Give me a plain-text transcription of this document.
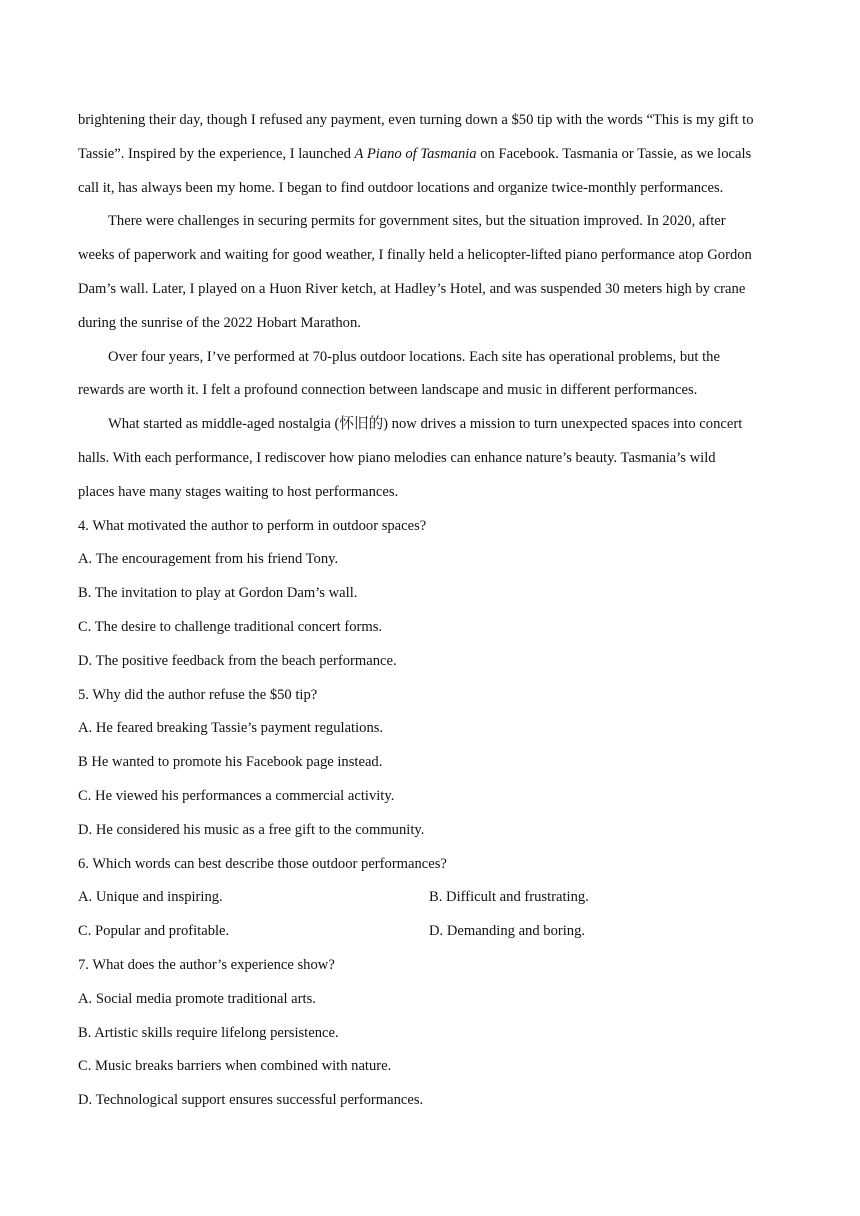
brightening their day, though I refused any payment, even turning down a $50 tip with the words “This is my gift to
Tassie”. Inspired by the experience, I launched A Piano of Tasmania on Facebook. Tasmania or Tassie, as we locals
call it, has always been my home. I began to find outdoor locations and organize twice-monthly performances.
There were challenges in securing permits for government sites, but the situation improved. In 2020, after
weeks of paperwork and waiting for good weather, I finally held a helicopter-lifted piano performance atop Gordon
Dam’s wall. Later, I played on a Huon River ketch, at Hadley’s Hotel, and was suspended 30 meters high by crane
during the sunrise of the 2022 Hobart Marathon.
Over four years, I’ve performed at 70-plus outdoor locations. Each site has operational problems, but the
rewards are worth it. I felt a profound connection between landscape and music in different performances.
What started as middle-aged nostalgia (怀旧的) now drives a mission to turn unexpected spaces into concert
halls. With each performance, I rediscover how piano melodies can enhance nature’s beauty. Tasmania’s wild
places have many stages waiting to host performances.
4. What motivated the author to perform in outdoor spaces?
A. The encouragement from his friend Tony.
B. The invitation to play at Gordon Dam’s wall.
C. The desire to challenge traditional concert forms.
D. The positive feedback from the beach performance.
5. Why did the author refuse the $50 tip?
A. He feared breaking Tassie’s payment regulations.
B He wanted to promote his Facebook page instead.
C. He viewed his performances a commercial activity.
D. He considered his music as a free gift to the community.
6. Which words can best describe those outdoor performances?
A. Unique and inspiring.	B. Difficult and frustrating.
C. Popular and profitable.	D. Demanding and boring.
7. What does the author’s experience show?
A. Social media promote traditional arts.
B. Artistic skills require lifelong persistence.
C. Music breaks barriers when combined with nature.
D. Technological support ensures successful performances.
